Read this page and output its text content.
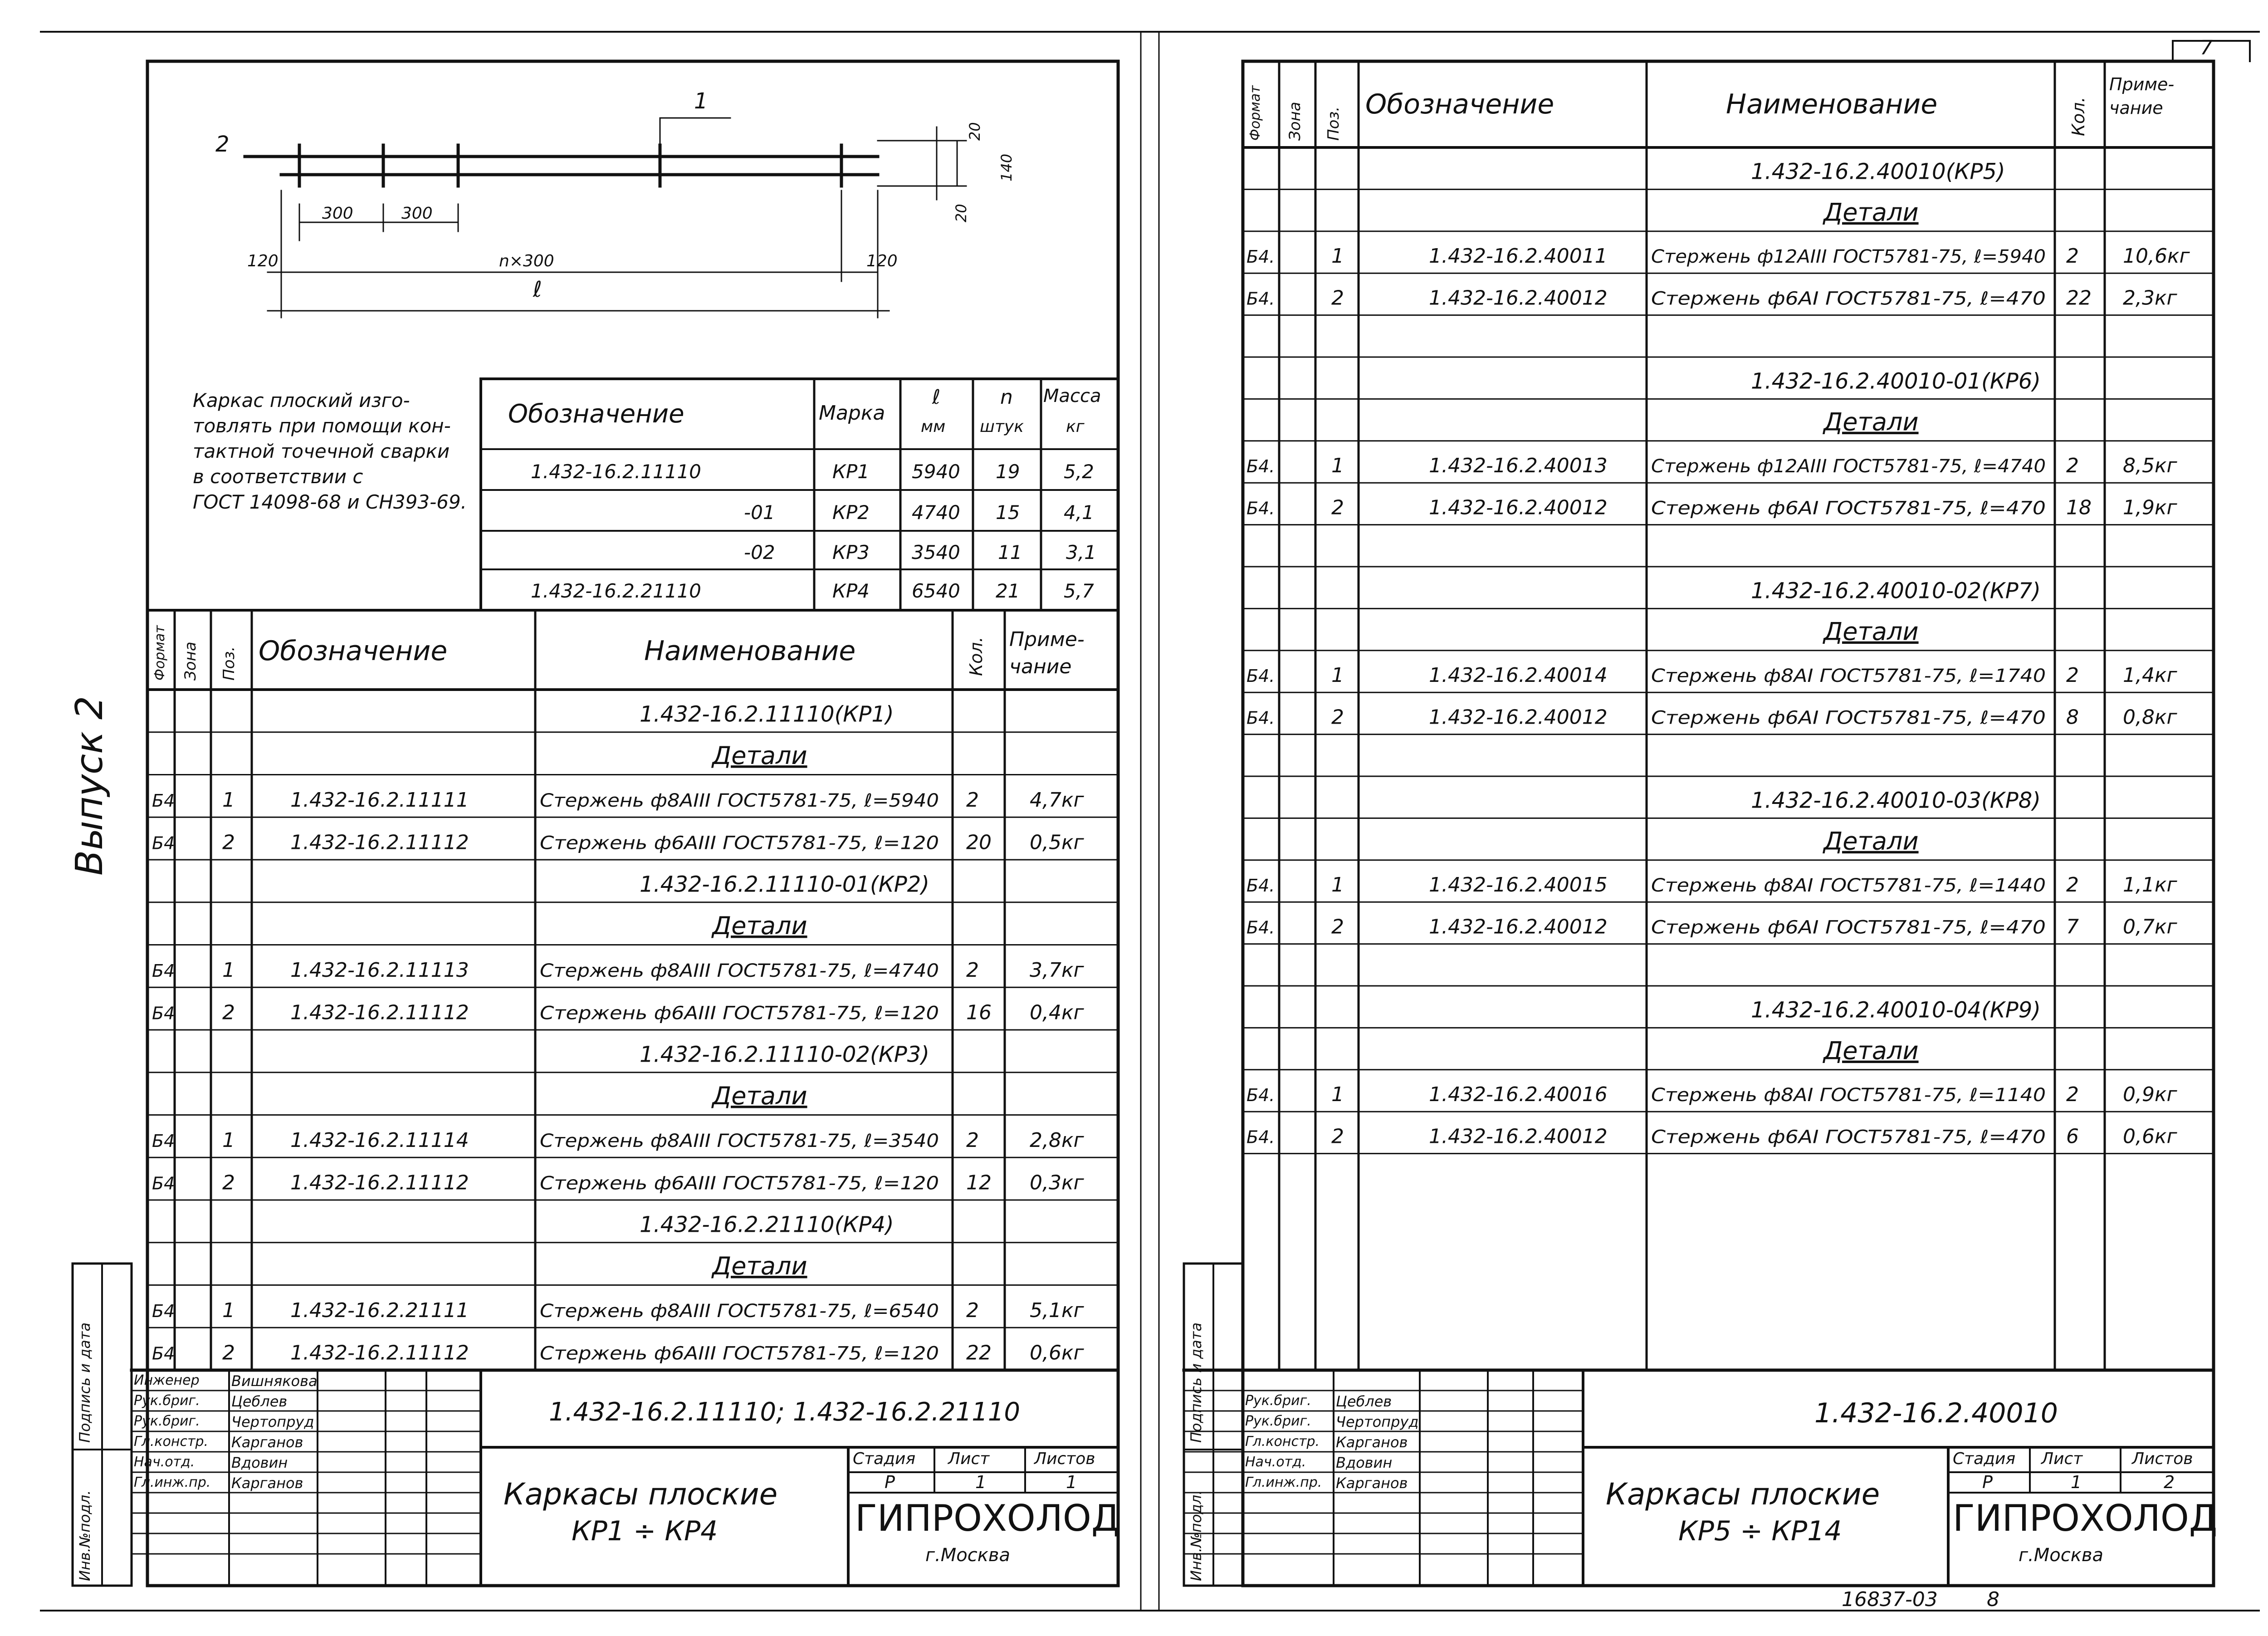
1.432-16.2.11110(КР1)
Детали
Б4 1	1.432-16.2.11111	Стержень ф8АIII ГОСТ5781-75, ℓ=5940 2	4,7кг
Б4 2	1.432-16.2.11112	Стержень ф6АIII ГОСТ5781-75, ℓ=120 20 0,5кг
1.432-16.2.11110-01(КР2)
Детали
Б4 1	1.432-16.2.11113	Стержень ф8АIII ГОСТ5781-75, ℓ=4740 2	3,7кг
Б4 2	1.432-16.2.11112	Стержень ф6АIII ГОСТ5781-75, ℓ=120 16 0,4кг
1.432-16.2.11110-02(КР3)
Детали
Б4 1	1.432-16.2.11114	Стержень ф8АIII ГОСТ5781-75, ℓ=3540 2	2,8кг
Б4 2	1.432-16.2.11112	Стержень ф6АIII ГОСТ5781-75, ℓ=120 12 0,3кг
1.432-16.2.21110(КР4)
Детали
Б4 1	1.432-16.2.21111	Стержень ф8АIII ГОСТ5781-75, ℓ=6540 2	5,1кг
Б4 2	1.432-16.2.11112	Стержень ф6АIII ГОСТ5781-75, ℓ=120 22 0,6кг
1.432-16.2.40010(КР5)
Детали
Б4.	1	1.432-16.2.40011 Стержень ф12АIII ГОСТ5781-75, ℓ=5940 2 10,6кг
Б4.	2	1.432-16.2.40012 Стержень ф6АI ГОСТ5781-75, ℓ=470 22 2,3кг
1.432-16.2.40010-01(КР6)
Детали
Б4.	1	1.432-16.2.40013 Стержень ф12АIII ГОСТ5781-75, ℓ=4740 2 8,5кг
Б4.	2	1.432-16.2.40012 Стержень ф6АI ГОСТ5781-75, ℓ=470 18 1,9кг
1.432-16.2.40010-02(КР7)
Детали
Б4.	1	1.432-16.2.40014 Стержень ф8АI ГОСТ5781-75, ℓ=1740 2 1,4кг
Б4.	2	1.432-16.2.40012 Стержень ф6АI ГОСТ5781-75, ℓ=470 8 0,8кг
1.432-16.2.40010-03(КР8)
Детали
Б4.	1	1.432-16.2.40015 Стержень ф8АI ГОСТ5781-75, ℓ=1440 2 1,1кг
Б4.	2	1.432-16.2.40012 Стержень ф6АI ГОСТ5781-75, ℓ=470 7 0,7кг
1.432-16.2.40010-04(КР9)
Детали
Б4.	1	1.432-16.2.40016 Стержень ф8АI ГОСТ5781-75, ℓ=1140 2 0,9кг
Б4.	2	1.432-16.2.40012 Стержень ф6АI ГОСТ5781-75, ℓ=470 6 0,6кг
1
2
300	300
120	n×300	120
ℓ
20
140
20
Каркас плоский изго-
товлять при помощи кон-
тактной точечной сварки
в соответствии с
ГОСТ 14098-68 и СН393-69.
Обозначение	Марка
ℓ
мм
n
штук
Масса
кг
1.432-16.2.11110	КР1 5940 19 5,2
-01	КР2 4740 15 4,1
-02	КР3 3540 11 3,1
1.432-16.2.21110	КР4 6540 21 5,7
Выпуск 2
7
Формат Зона Поз. Обозначение	Наименование	Кол. Приме-чание
Формат Зона Поз.
Обозначение	Наименование	Кол.
Приме-чание
1.432-16.2.11110; 1.432-16.2.21110
Каркасы плоские
КР1 ÷ КР4
Стадия Лист	Листов
Р	1	1
ГИПРОХОЛОД
г.Москва
1.432-16.2.40010
Каркасы плоские
КР5 ÷ КР14
Стадия Лист	Листов
Р	1	2
ГИПРОХОЛОД
г.Москва
16837-03 8
Инв.№подл.
Подпись и дата
Инв.№подл.
Подпись и дата
Инженер Вишнякова
Рук.бриг. Цеблев
Рук.бриг. Чертопруд
Гл.констр. Карганов
Нач.отд.	Вдовин
Гл.инж.пр. Карганов
Рук.бриг. Цеблев
Рук.бриг. Чертопруд
Гл.констр. Карганов
Нач.отд. Вдовин
Гл.инж.пр. Карганов
